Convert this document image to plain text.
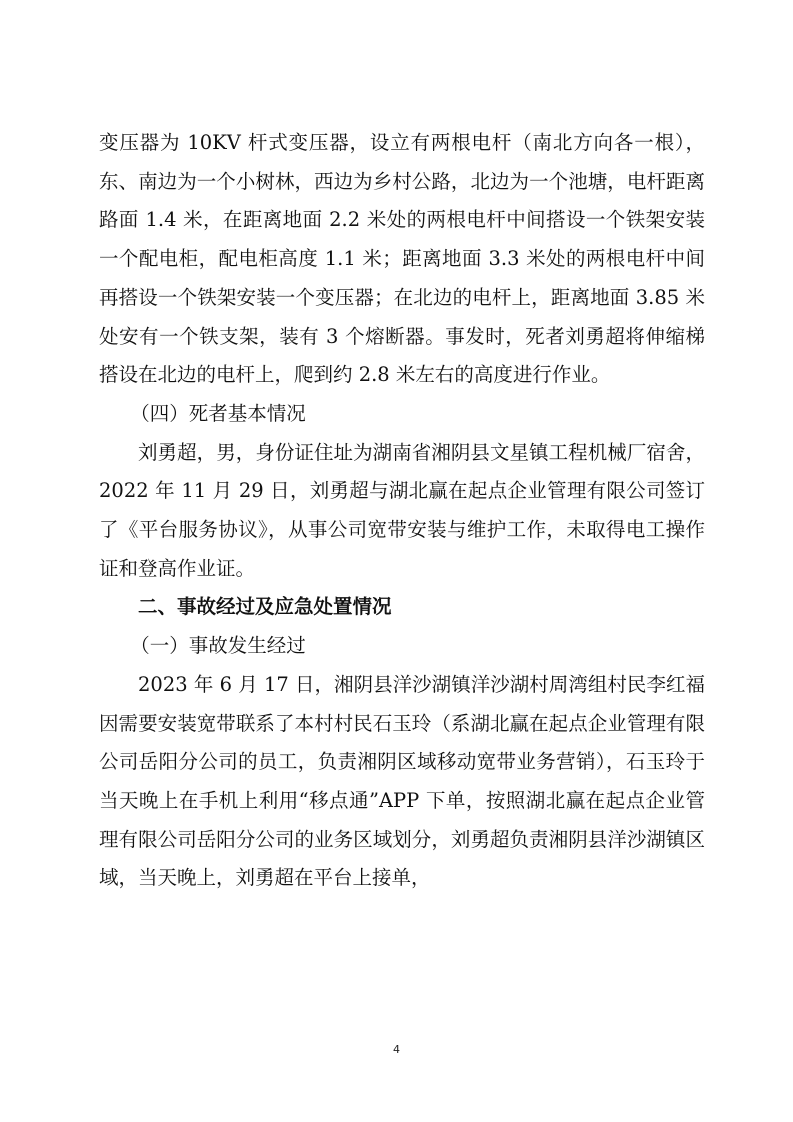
变压器为 10KV 杆式变压器，设立有两根电杆（南北方向各一根），东、南边为一个小树林，西边为乡村公路，北边为一个池塘，电杆距离路面 1.4 米，在距离地面 2.2 米处的两根电杆中间搭设一个铁架安装一个配电柜，配电柜高度 1.1 米；距离地面 3.3 米处的两根电杆中间再搭设一个铁架安装一个变压器；在北边的电杆上，距离地面 3.85 米处安有一个铁支架，装有 3 个熔断器。事发时，死者刘勇超将伸缩梯搭设在北边的电杆上，爬到约 2.8 米左右的高度进行作业。

（四）死者基本情况

刘勇超，男，身份证住址为湖南省湘阴县文星镇工程机械厂宿舍，2022 年 11 月 29 日，刘勇超与湖北赢在起点企业管理有限公司签订了《平台服务协议》，从事公司宽带安装与维护工作，未取得电工操作证和登高作业证。

二、事故经过及应急处置情况

（一）事故发生经过

2023 年 6 月 17 日，湘阴县洋沙湖镇洋沙湖村周湾组村民李红福因需要安装宽带联系了本村村民石玉玲（系湖北赢在起点企业管理有限公司岳阳分公司的员工，负责湘阴区域移动宽带业务营销），石玉玲于当天晚上在手机上利用“移点通”APP 下单，按照湖北赢在起点企业管理有限公司岳阳分公司的业务区域划分，刘勇超负责湘阴县洋沙湖镇区域，当天晚上，刘勇超在平台上接单，

4
